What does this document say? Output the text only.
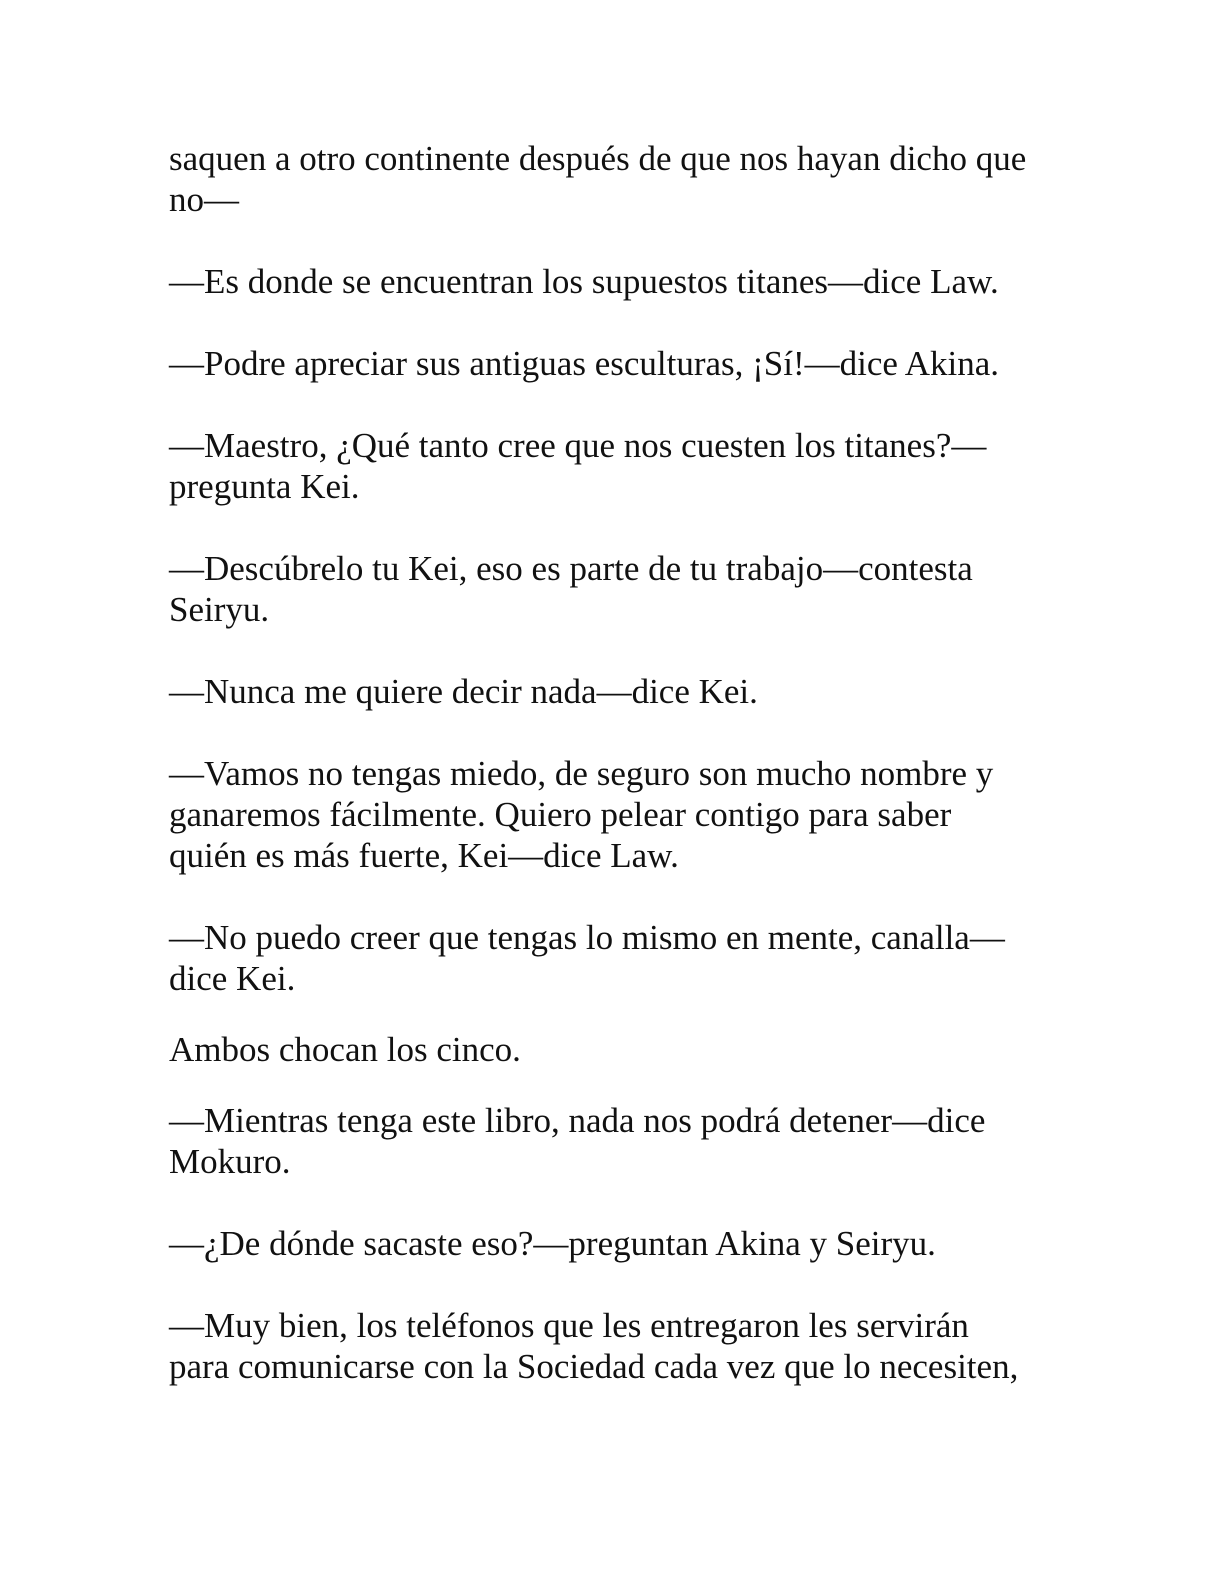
saquen a otro continente después de que nos hayan dicho que
no—

—Es donde se encuentran los supuestos titanes—dice Law.

—Podre apreciar sus antiguas esculturas, ¡Sí!—dice Akina.

—Maestro, ¿Qué tanto cree que nos cuesten los titanes?—
pregunta Kei.

—Descúbrelo tu Kei, eso es parte de tu trabajo—contesta
Seiryu.

—Nunca me quiere decir nada—dice Kei.

—Vamos no tengas miedo, de seguro son mucho nombre y
ganaremos fácilmente. Quiero pelear contigo para saber
quién es más fuerte, Kei—dice Law.

—No puedo creer que tengas lo mismo en mente, canalla—
dice Kei.

Ambos chocan los cinco.

—Mientras tenga este libro, nada nos podrá detener—dice
Mokuro.

—¿De dónde sacaste eso?—preguntan Akina y Seiryu.

—Muy bien, los teléfonos que les entregaron les servirán
para comunicarse con la Sociedad cada vez que lo necesiten,
